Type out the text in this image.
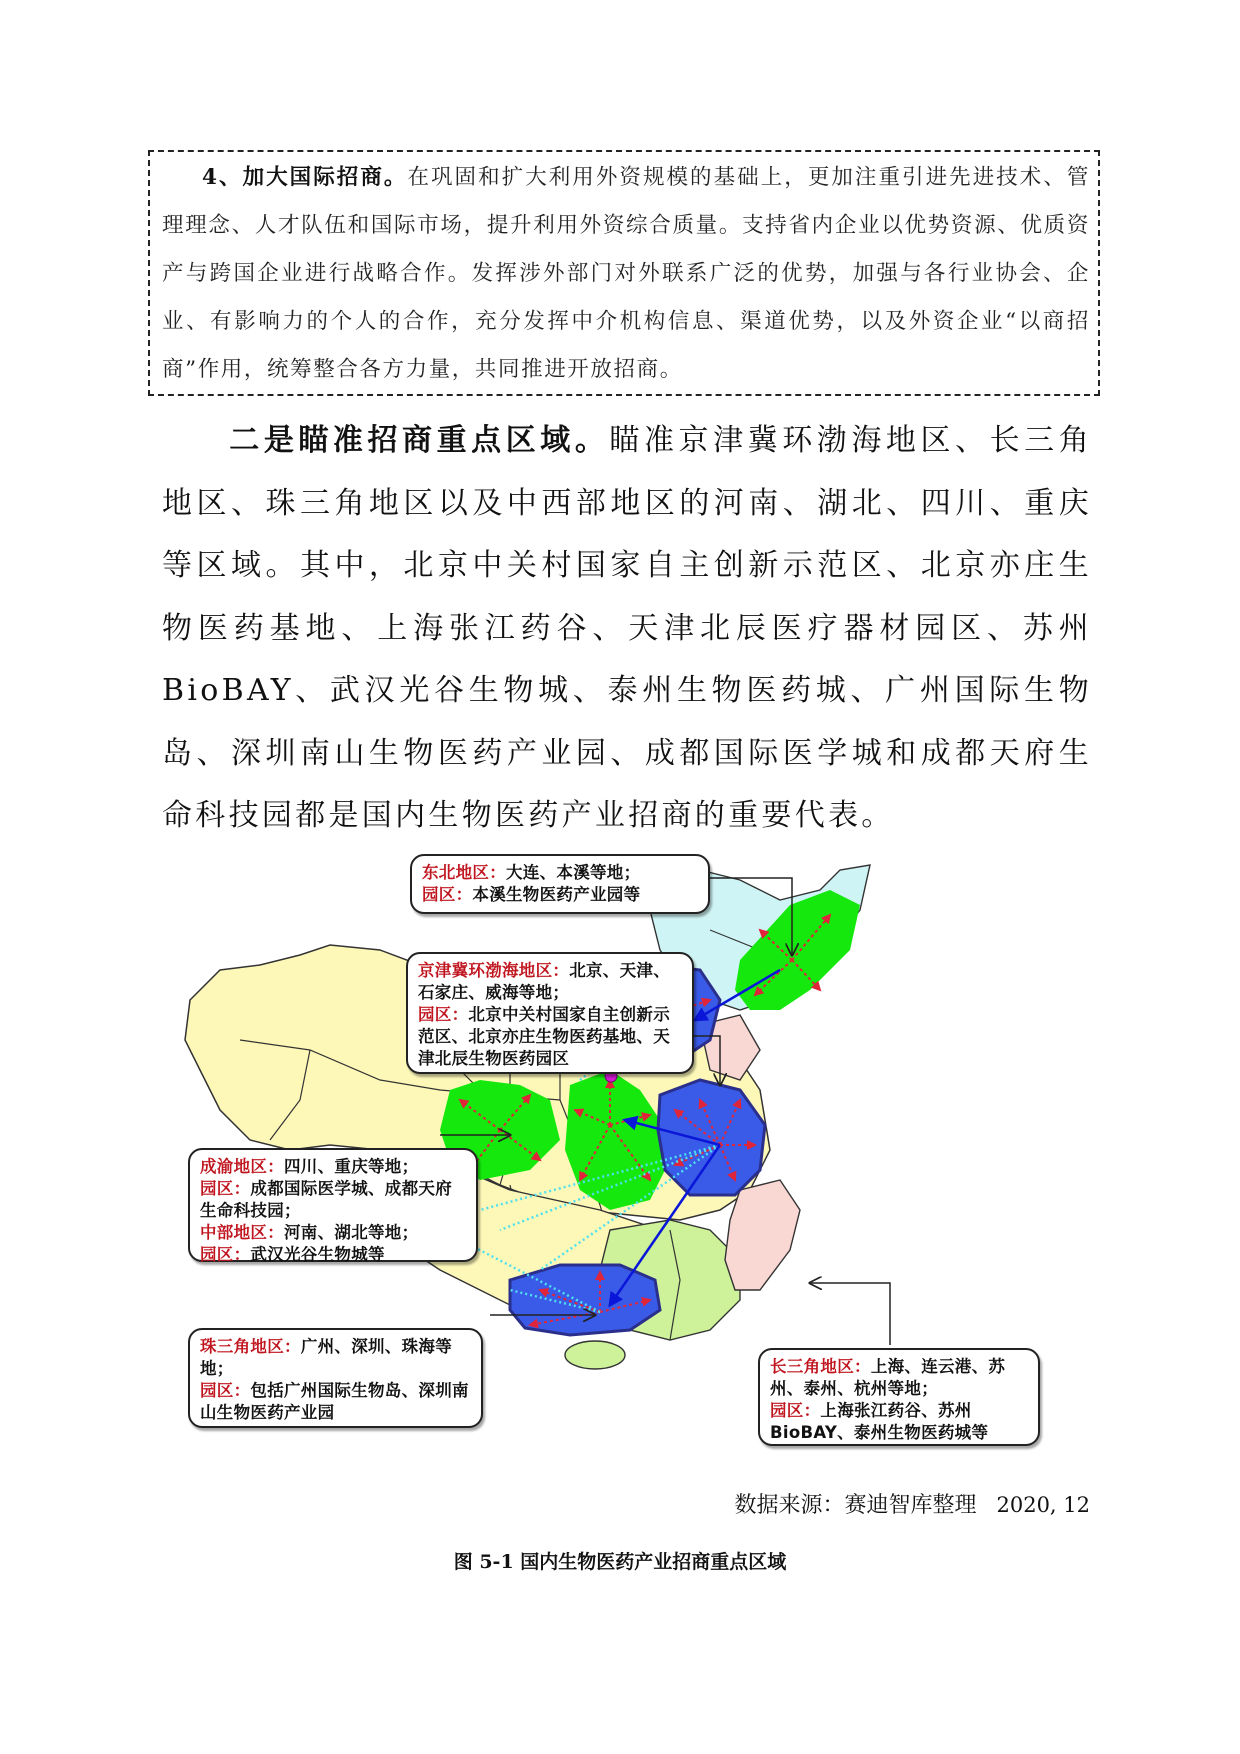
4、加大国际招商。在巩固和扩大利用外资规模的基础上，更加注重引进先进技术、管理理念、人才队伍和国际市场，提升利用外资综合质量。支持省内企业以优势资源、优质资产与跨国企业进行战略合作。发挥涉外部门对外联系广泛的优势，加强与各行业协会、企业、有影响力的个人的合作，充分发挥中介机构信息、渠道优势，以及外资企业“以商招商”作用，统筹整合各方力量，共同推进开放招商。
二是瞄准招商重点区域。瞄准京津冀环渤海地区、长三角地区、珠三角地区以及中西部地区的河南、湖北、四川、重庆等区域。其中，北京中关村国家自主创新示范区、北京亦庄生物医药基地、上海张江药谷、天津北辰医疗器材园区、苏州 BioBAY、武汉光谷生物城、泰州生物医药城、广州国际生物岛、深圳南山生物医药产业园、成都国际医学城和成都天府生命科技园都是国内生物医药产业招商的重要代表。
东北地区：大连、本溪等地；
园区：本溪生物医药产业园等
京津冀环渤海地区：北京、天津、石家庄、威海等地；
园区：北京中关村国家自主创新示范区、北京亦庄生物医药基地、天津北辰生物医药园区
成渝地区：四川、重庆等地；
园区：成都国际医学城、成都天府生命科技园；
中部地区：河南、湖北等地；
园区：武汉光谷生物城等
珠三角地区：广州、深圳、珠海等地；
园区：包括广州国际生物岛、深圳南山生物医药产业园
长三角地区：上海、连云港、苏州、泰州、杭州等地；
园区：上海张江药谷、苏州BioBAY、泰州生物医药城等
数据来源：赛迪智库整理 2020, 12
图 5-1 国内生物医药产业招商重点区域
